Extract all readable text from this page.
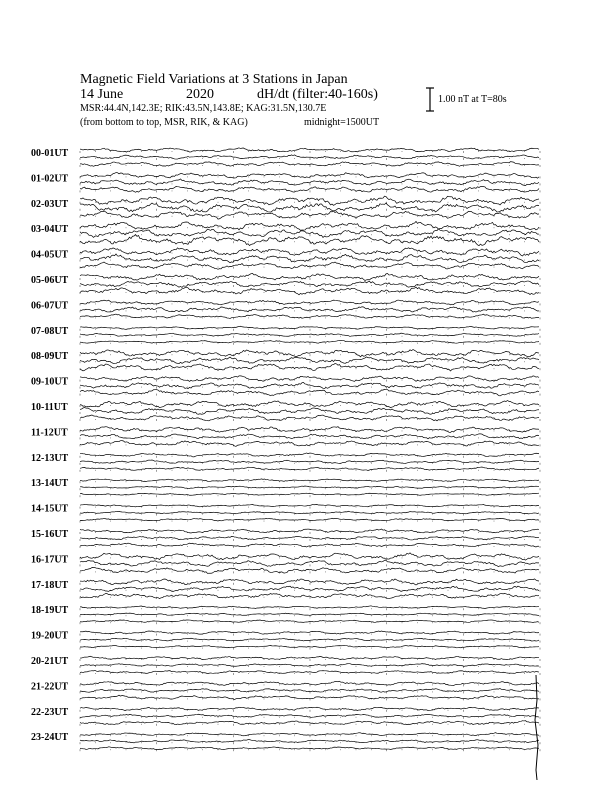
Magnetic Field Variations at 3 Stations in Japan
14 June	2020	dH/dt (filter:40-160s)
MSR:44.4N,142.3E; RIK:43.5N,143.8E; KAG:31.5N,130.7E
(from bottom to top, MSR, RIK, & KAG)	midnight=1500UT
1.00 nT at T=80s
00-01UT
01-02UT
02-03UT
03-04UT
04-05UT
05-06UT
06-07UT
07-08UT
08-09UT
09-10UT
10-11UT
11-12UT
12-13UT
13-14UT
14-15UT
15-16UT
16-17UT
17-18UT
18-19UT
19-20UT
20-21UT
21-22UT
22-23UT
23-24UT
